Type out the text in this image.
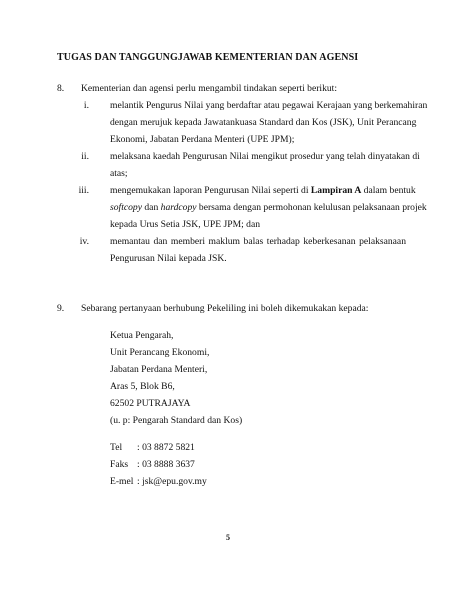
TUGAS DAN TANGGUNGJAWAB KEMENTERIAN DAN AGENSI
8. Kementerian dan agensi perlu mengambil tindakan seperti berikut:
i. melantik Pengurus Nilai yang berdaftar atau pegawai Kerajaan yang berkemahiran
dengan merujuk kepada Jawatankuasa Standard dan Kos (JSK), Unit Perancang
Ekonomi, Jabatan Perdana Menteri (UPE JPM);
ii. melaksana kaedah Pengurusan Nilai mengikut prosedur yang telah dinyatakan di
atas;
iii. mengemukakan laporan Pengurusan Nilai seperti di Lampiran A dalam bentuk
softcopy dan hardcopy bersama dengan permohonan kelulusan pelaksanaan projek
kepada Urus Setia JSK, UPE JPM; dan
iv. memantau dan memberi maklum balas terhadap keberkesanan pelaksanaan
Pengurusan Nilai kepada JSK.
9. Sebarang pertanyaan berhubung Pekeliling ini boleh dikemukakan kepada:
Ketua Pengarah,
Unit Perancang Ekonomi,
Jabatan Perdana Menteri,
Aras 5, Blok B6,
62502 PUTRAJAYA
(u. p: Pengarah Standard dan Kos)
Tel : 03 8872 5821
Faks : 03 8888 3637
E-mel : jsk@epu.gov.my
5
